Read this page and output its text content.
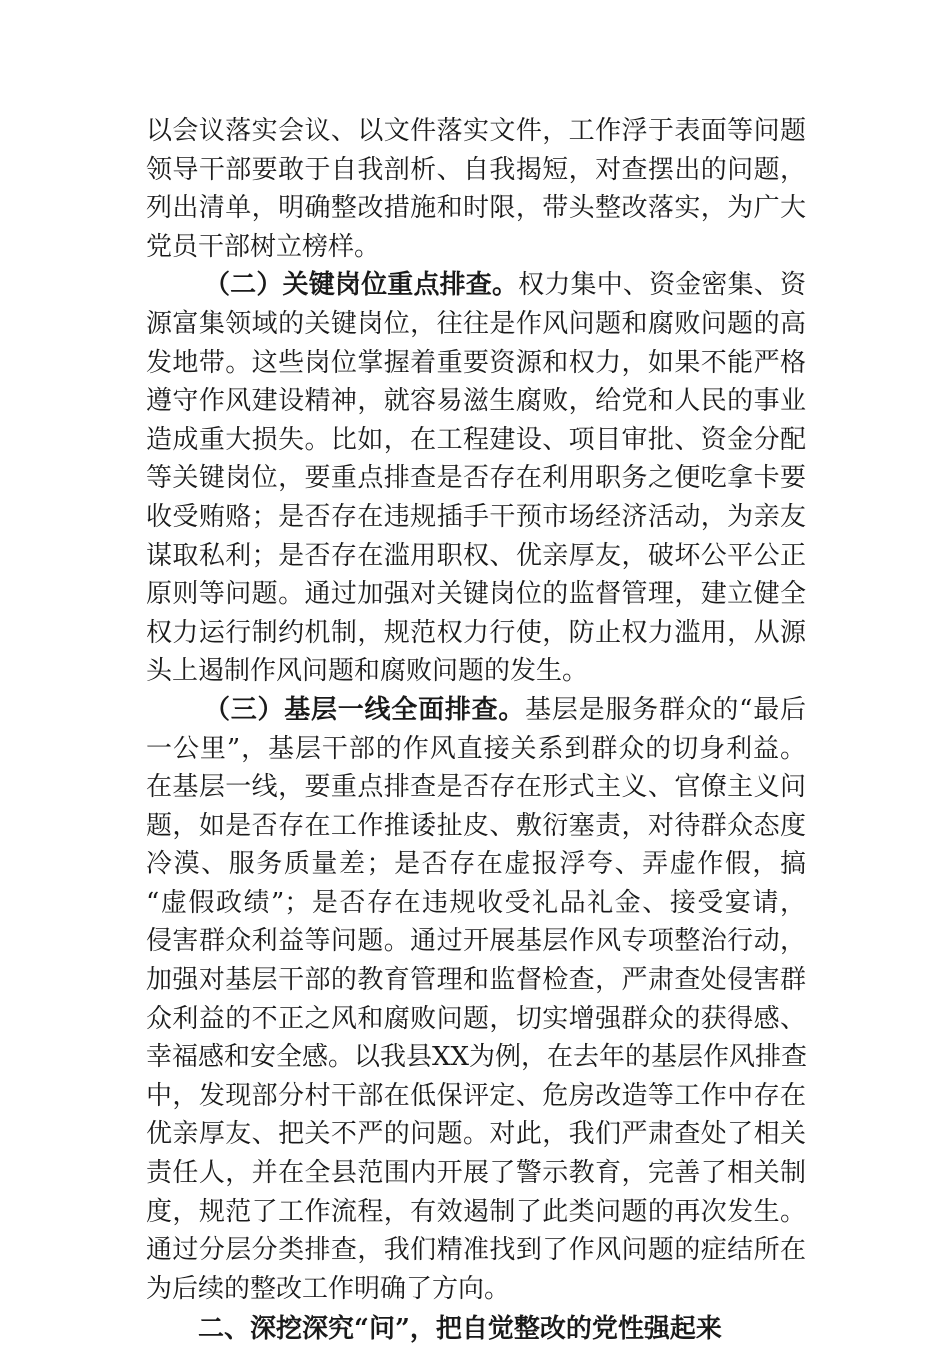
以会议落实会议、以文件落实文件，工作浮于表面等问题
领导干部要敢于自我剖析、自我揭短，对查摆出的问题，
列出清单，明确整改措施和时限，带头整改落实，为广大
党员干部树立榜样。
（二）关键岗位重点排查。权力集中、资金密集、资
源富集领域的关键岗位，往往是作风问题和腐败问题的高
发地带。这些岗位掌握着重要资源和权力，如果不能严格
遵守作风建设精神，就容易滋生腐败，给党和人民的事业
造成重大损失。比如，在工程建设、项目审批、资金分配
等关键岗位，要重点排查是否存在利用职务之便吃拿卡要
收受贿赂；是否存在违规插手干预市场经济活动，为亲友
谋取私利；是否存在滥用职权、优亲厚友，破坏公平公正
原则等问题。通过加强对关键岗位的监督管理，建立健全
权力运行制约机制，规范权力行使，防止权力滥用，从源
头上遏制作风问题和腐败问题的发生。
（三）基层一线全面排查。基层是服务群众的“最后
一公里”，基层干部的作风直接关系到群众的切身利益。
在基层一线，要重点排查是否存在形式主义、官僚主义问
题，如是否存在工作推诿扯皮、敷衍塞责，对待群众态度
冷漠、服务质量差；是否存在虚报浮夸、弄虚作假，搞
“虚假政绩”；是否存在违规收受礼品礼金、接受宴请，
侵害群众利益等问题。通过开展基层作风专项整治行动，
加强对基层干部的教育管理和监督检查，严肃查处侵害群
众利益的不正之风和腐败问题，切实增强群众的获得感、
幸福感和安全感。以我县XX为例，在去年的基层作风排查
中，发现部分村干部在低保评定、危房改造等工作中存在
优亲厚友、把关不严的问题。对此，我们严肃查处了相关
责任人，并在全县范围内开展了警示教育，完善了相关制
度，规范了工作流程，有效遏制了此类问题的再次发生。
通过分层分类排查，我们精准找到了作风问题的症结所在
为后续的整改工作明确了方向。
二、深挖深究“问”，把自觉整改的党性强起来
